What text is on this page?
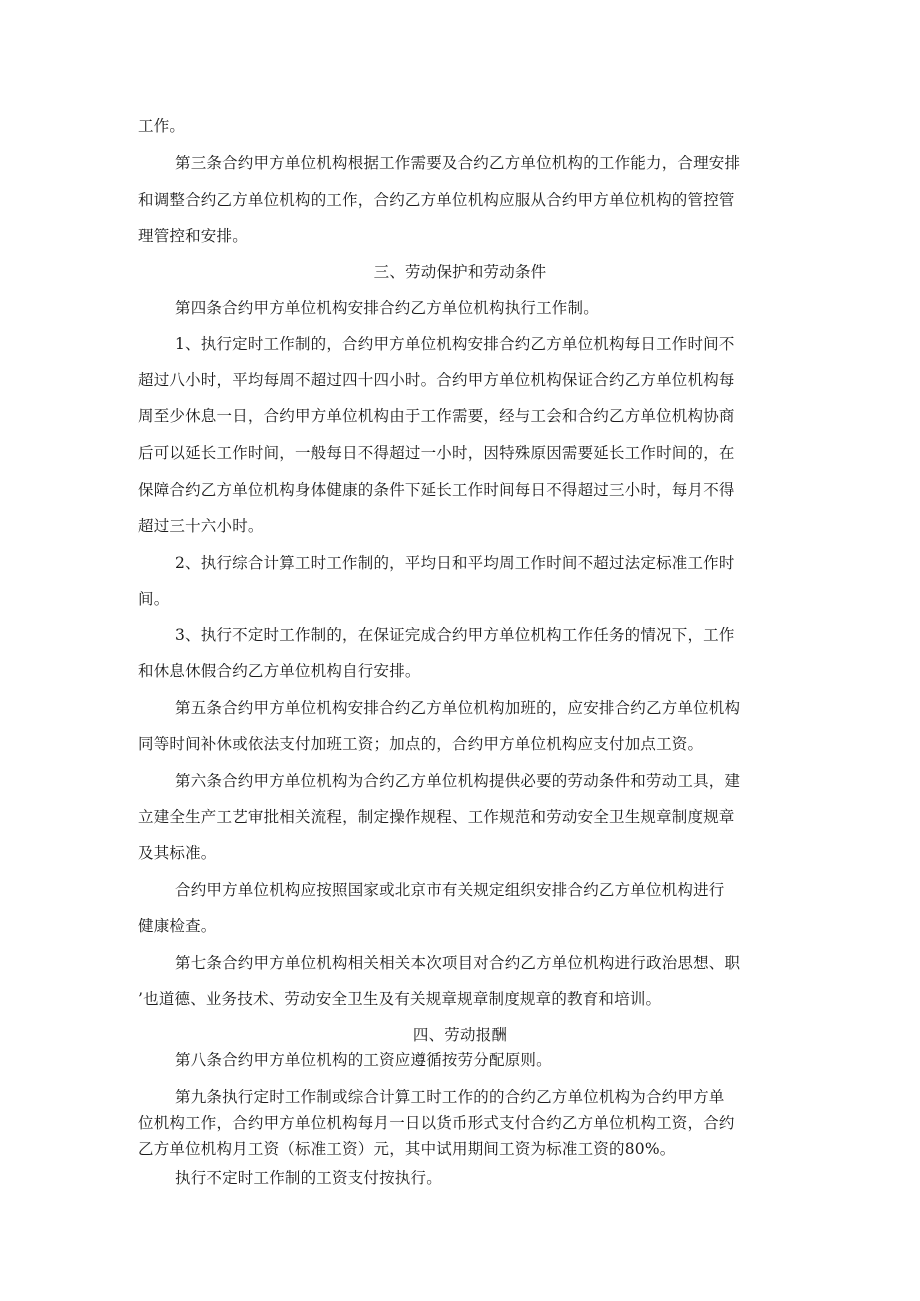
工作。
第三条合约甲方单位机构根据工作需要及合约乙方单位机构的工作能力，合理安排
和调整合约乙方单位机构的工作，合约乙方单位机构应服从合约甲方单位机构的管控管
理管控和安排。
三、劳动保护和劳动条件
第四条合约甲方单位机构安排合约乙方单位机构执行工作制。
1、执行定时工作制的，合约甲方单位机构安排合约乙方单位机构每日工作时间不
超过八小时，平均每周不超过四十四小时。合约甲方单位机构保证合约乙方单位机构每
周至少休息一日，合约甲方单位机构由于工作需要，经与工会和合约乙方单位机构协商
后可以延长工作时间，一般每日不得超过一小时，因特殊原因需要延长工作时间的，在
保障合约乙方单位机构身体健康的条件下延长工作时间每日不得超过三小时，每月不得
超过三十六小时。
2、执行综合计算工时工作制的，平均日和平均周工作时间不超过法定标准工作时
间。
3、执行不定时工作制的，在保证完成合约甲方单位机构工作任务的情况下，工作
和休息休假合约乙方单位机构自行安排。
第五条合约甲方单位机构安排合约乙方单位机构加班的，应安排合约乙方单位机构
同等时间补休或依法支付加班工资；加点的，合约甲方单位机构应支付加点工资。
第六条合约甲方单位机构为合约乙方单位机构提供必要的劳动条件和劳动工具，建
立建全生产工艺审批相关流程，制定操作规程、工作规范和劳动安全卫生规章制度规章
及其标准。
合约甲方单位机构应按照国家或北京市有关规定组织安排合约乙方单位机构进行
健康检查。
第七条合约甲方单位机构相关相关本次项目对合约乙方单位机构进行政治思想、职
’也道德、业务技术、劳动安全卫生及有关规章规章制度规章的教育和培训。
四、劳动报酬
第八条合约甲方单位机构的工资应遵循按劳分配原则。
第九条执行定时工作制或综合计算工时工作的的合约乙方单位机构为合约甲方单
位机构工作，合约甲方单位机构每月一日以货币形式支付合约乙方单位机构工资，合约
乙方单位机构月工资（标准工资）元，其中试用期间工资为标准工资的80%。
执行不定时工作制的工资支付按执行。
